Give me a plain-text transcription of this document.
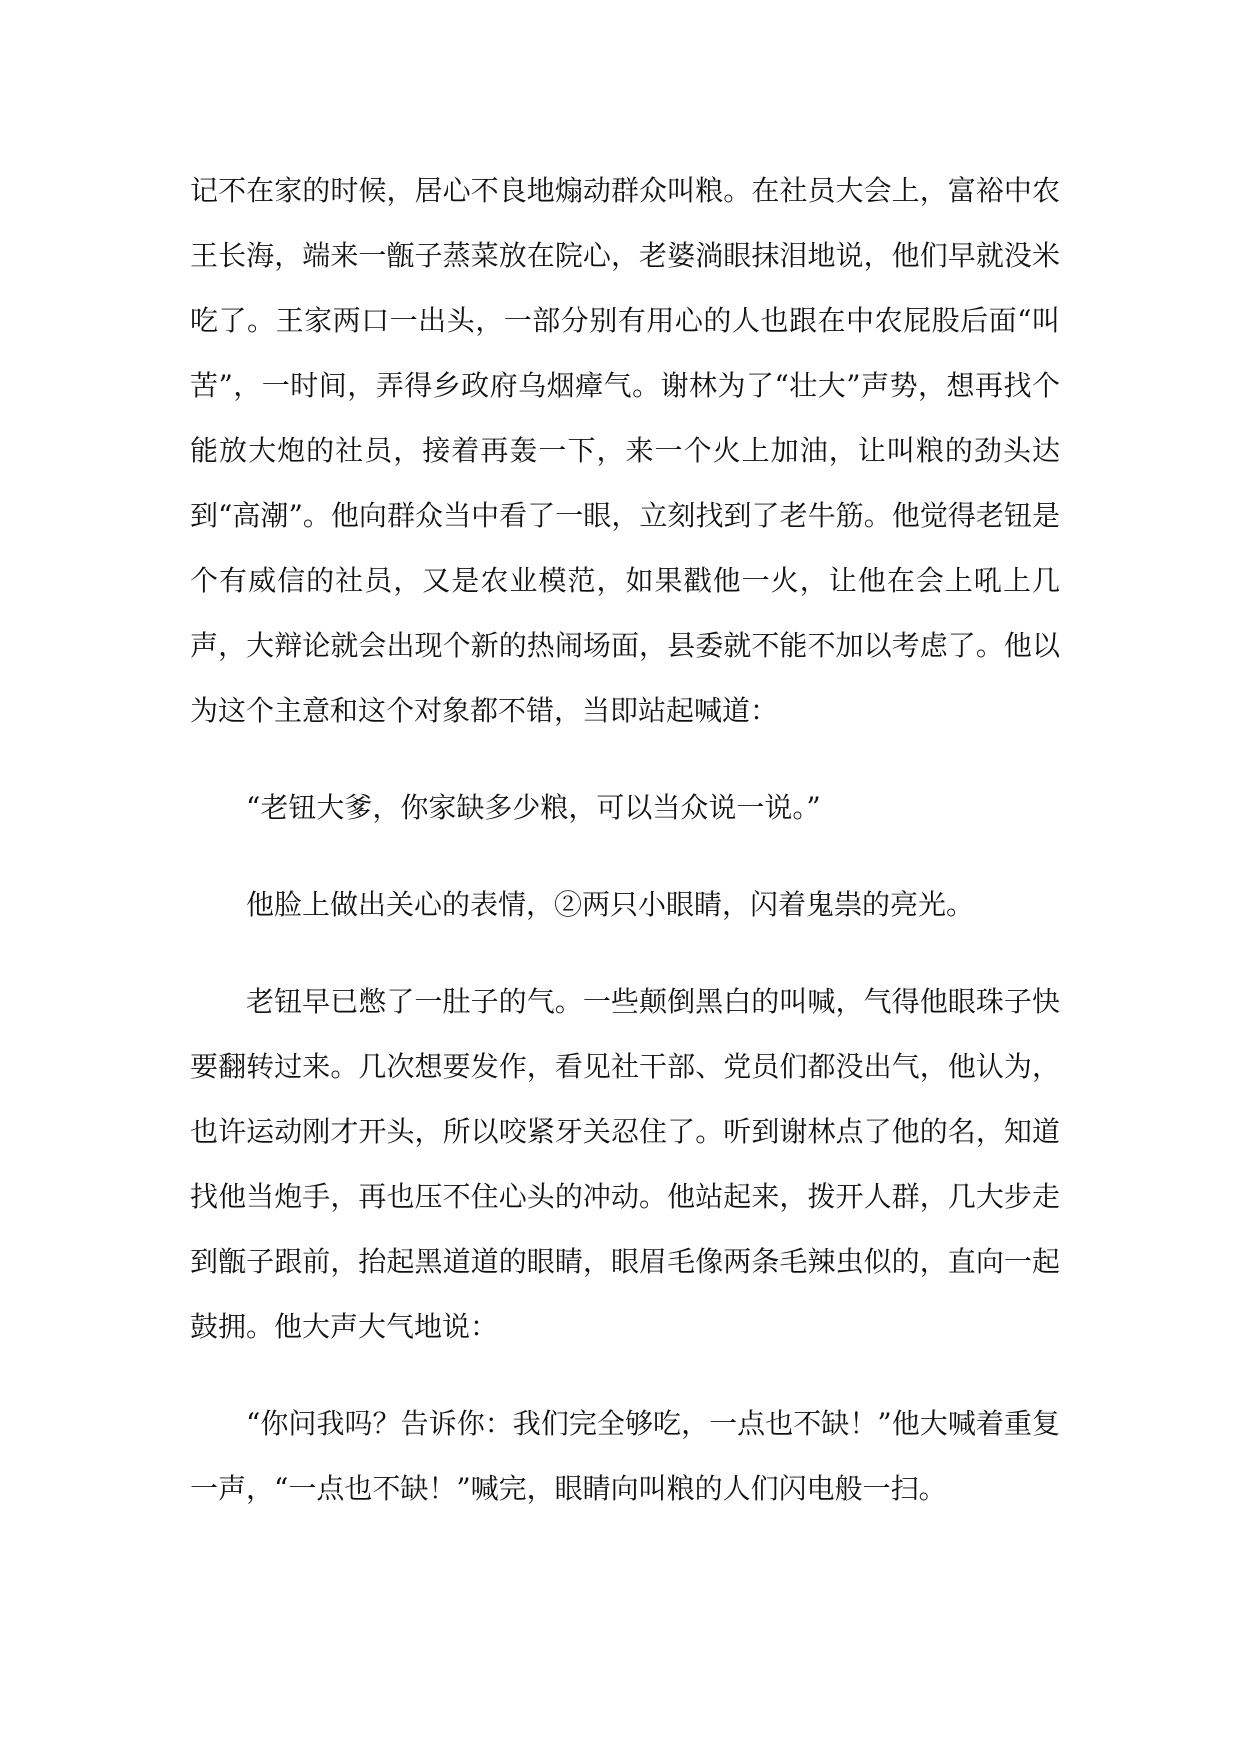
记不在家的时候，居心不良地煽动群众叫粮。在社员大会上，富裕中农王长海，端来一甑子蒸菜放在院心，老婆淌眼抹泪地说，他们早就没米吃了。王家两口一出头，一部分别有用心的人也跟在中农屁股后面“叫苦”，一时间，弄得乡政府乌烟瘴气。谢林为了“壮大”声势，想再找个能放大炮的社员，接着再轰一下，来一个火上加油，让叫粮的劲头达到“高潮”。他向群众当中看了一眼，立刻找到了老牛筋。他觉得老钮是个有威信的社员，又是农业模范，如果戳他一火，让他在会上吼上几声，大辩论就会出现个新的热闹场面，县委就不能不加以考虑了。他以为这个主意和这个对象都不错，当即站起喊道：

“老钮大爹，你家缺多少粮，可以当众说一说。”

他脸上做出关心的表情，②两只小眼睛，闪着鬼祟的亮光。

老钮早已憋了一肚子的气。一些颠倒黑白的叫喊，气得他眼珠子快要翻转过来。几次想要发作，看见社干部、党员们都没出气，他认为，也许运动刚才开头，所以咬紧牙关忍住了。听到谢林点了他的名，知道找他当炮手，再也压不住心头的冲动。他站起来，拨开人群，几大步走到甑子跟前，抬起黑道道的眼睛，眼眉毛像两条毛辣虫似的，直向一起鼓拥。他大声大气地说：

“你问我吗？告诉你：我们完全够吃，一点也不缺！”他大喊着重复一声，“一点也不缺！”喊完，眼睛向叫粮的人们闪电般一扫。
